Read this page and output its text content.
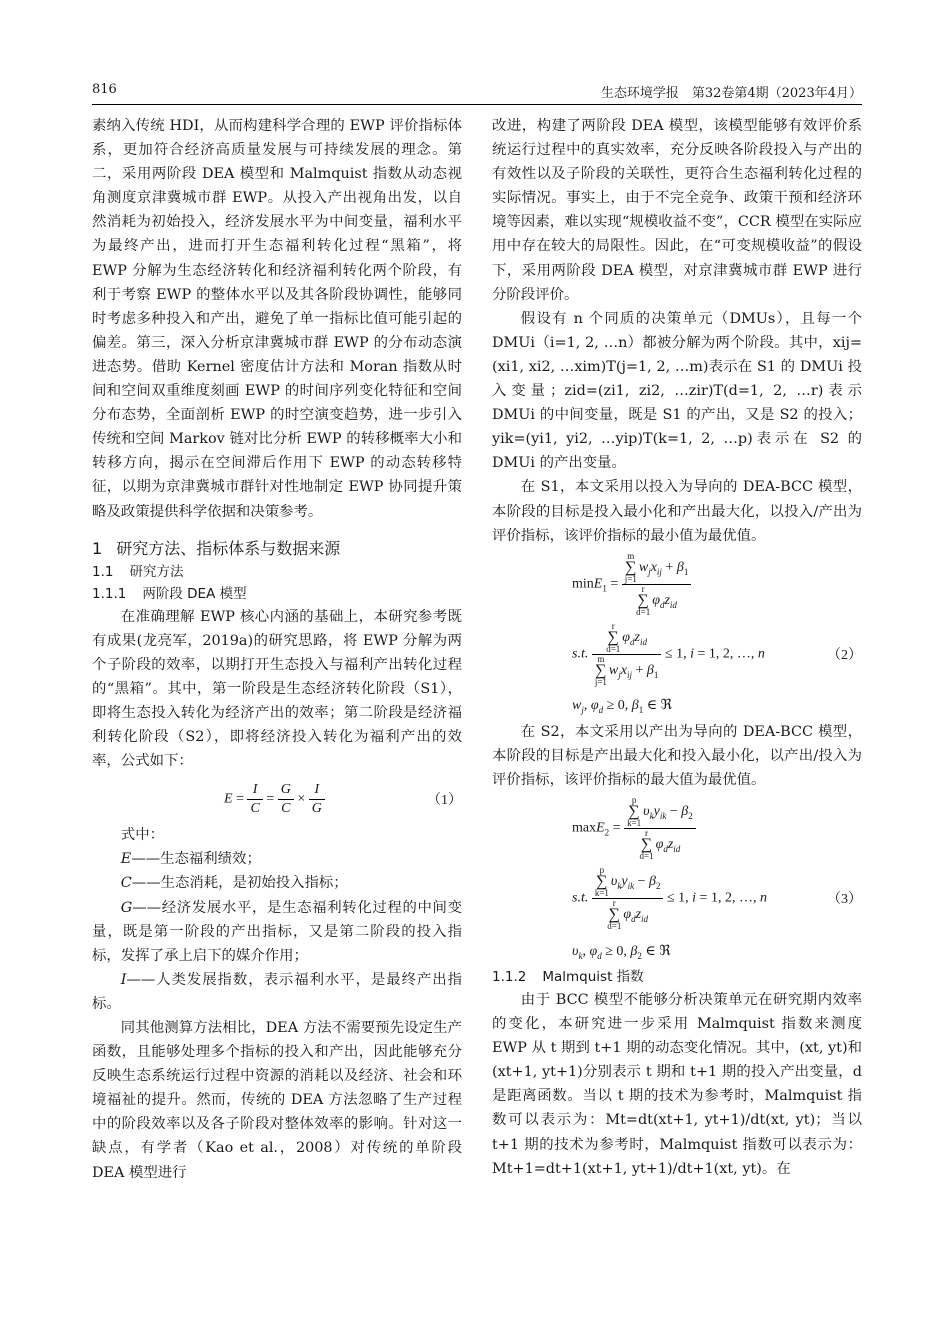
816	生态环境学报　第32卷第4期（2023年4月）

素纳入传统 HDI，从而构建科学合理的 EWP 评价指标体系，更加符合经济高质量发展与可持续发展的理念。第二，采用两阶段 DEA 模型和 Malmquist 指数从动态视角测度京津冀城市群 EWP。从投入产出视角出发，以自然消耗为初始投入，经济发展水平为中间变量，福利水平为最终产出，进而打开生态福利转化过程“黑箱”，将 EWP 分解为生态经济转化和经济福利转化两个阶段，有利于考察 EWP 的整体水平以及其各阶段协调性，能够同时考虑多种投入和产出，避免了单一指标比值可能引起的偏差。第三，深入分析京津冀城市群 EWP 的分布动态演进态势。借助 Kernel 密度估计方法和 Moran 指数从时间和空间双重维度刻画 EWP 的时间序列变化特征和空间分布态势，全面剖析 EWP 的时空演变趋势，进一步引入传统和空间 Markov 链对比分析 EWP 的转移概率大小和转移方向，揭示在空间滞后作用下 EWP 的动态转移特征，以期为京津冀城市群针对性地制定 EWP 协同提升策略及政策提供科学依据和决策参考。

1 研究方法、指标体系与数据来源
1.1 研究方法
1.1.1 两阶段 DEA 模型

在准确理解 EWP 核心内涵的基础上，本研究参考既有成果(龙亮军，2019a)的研究思路，将 EWP 分解为两个子阶段的效率，以期打开生态投入与福利产出转化过程的“黑箱”。其中，第一阶段是生态经济转化阶段（S1），即将生态投入转化为经济产出的效率；第二阶段是经济福利转化阶段（S2），即将经济投入转化为福利产出的效率，公式如下：

$E = \frac{I}{C} = \frac{G}{C} \times \frac{I}{G}$	（1）

式中：

E——生态福利绩效；

C——生态消耗，是初始投入指标；

G——经济发展水平，是生态福利转化过程的中间变量，既是第一阶段的产出指标，又是第二阶段的投入指标，发挥了承上启下的媒介作用；

I——人类发展指数，表示福利水平，是最终产出指标。

同其他测算方法相比，DEA 方法不需要预先设定生产函数，且能够处理多个指标的投入和产出，因此能够充分反映生态系统运行过程中资源的消耗以及经济、社会和环境福祉的提升。然而，传统的 DEA 方法忽略了生产过程中的阶段效率以及各子阶段对整体效率的影响。针对这一缺点，有学者（Kao et al.，2008）对传统的单阶段 DEA 模型进行

改进，构建了两阶段 DEA 模型，该模型能够有效评价系统运行过程中的真实效率，充分反映各阶段投入与产出的有效性以及子阶段的关联性，更符合生态福利转化过程的实际情况。事实上，由于不完全竞争、政策干预和经济环境等因素，难以实现“规模收益不变”，CCR 模型在实际应用中存在较大的局限性。因此，在“可变规模收益”的假设下，采用两阶段 DEA 模型，对京津冀城市群 EWP 进行分阶段评价。

假设有 n 个同质的决策单元（DMUs），且每一个 DMUi（i=1, 2, …n）都被分解为两个阶段。其中，xij=(xi1, xi2, …xim)T(j=1, 2, …m)表示在 S1 的 DMUi 投入变量；zid=(zi1, zi2, …zir)T(d=1, 2, …r)表示 DMUi 的中间变量，既是 S1 的产出，又是 S2 的投入；yik=(yi1, yi2, …yip)T(k=1, 2, …p)表示在 S2 的 DMUi 的产出变量。

在 S1，本文采用以投入为导向的 DEA-BCC 模型，本阶段的目标是投入最小化和产出最大化，以投入/产出为评价指标，该评价指标的最小值为最优值。

minE$_1$ = m
∑
$j=1w_jx_{ij} + \beta_1$
r
∑
$d=1\varphi_dz_{id}$
s.t. r
∑
$d=1\varphi_dz_{id}$
m
∑
$j=1w_jx_{ij} + \beta_1 \le 1$, i = 1, 2, …, n
$w_j$, $\varphi_d \ge 0$, $\beta_1$ ∈ ℜ
（2）

在 S2，本文采用以产出为导向的 DEA-BCC 模型，本阶段的目标是产出最大化和投入最小化，以产出/投入为评价指标，该评价指标的最大值为最优值。

maxE$_2$ = p
∑
$k=1\upsilon_ky_{ik} - \beta_2$
r
∑
$d=1\varphi_dz_{id}$
s.t. p
∑
$k=1\upsilon_ky_{ik} - \beta_2$
r
∑
$d=1\varphi_dz_{id} \le 1$, i = 1, 2, …, n
$\upsilon_k$, $\varphi_d \ge 0$, $\beta_2$ ∈ ℜ
（3）
1.1.2 Malmquist 指数

由于 BCC 模型不能够分析决策单元在研究期内效率的变化，本研究进一步采用 Malmquist 指数来测度 EWP 从 t 期到 t+1 期的动态变化情况。其中，(xt, yt)和(xt+1, yt+1)分别表示 t 期和 t+1 期的投入产出变量，d 是距离函数。当以 t 期的技术为参考时，Malmquist 指数可以表示为：Mt=dt(xt+1, yt+1)/dt(xt, yt)；当以 t+1 期的技术为参考时，Malmquist 指数可以表示为：Mt+1=dt+1(xt+1, yt+1)/dt+1(xt, yt)。在
